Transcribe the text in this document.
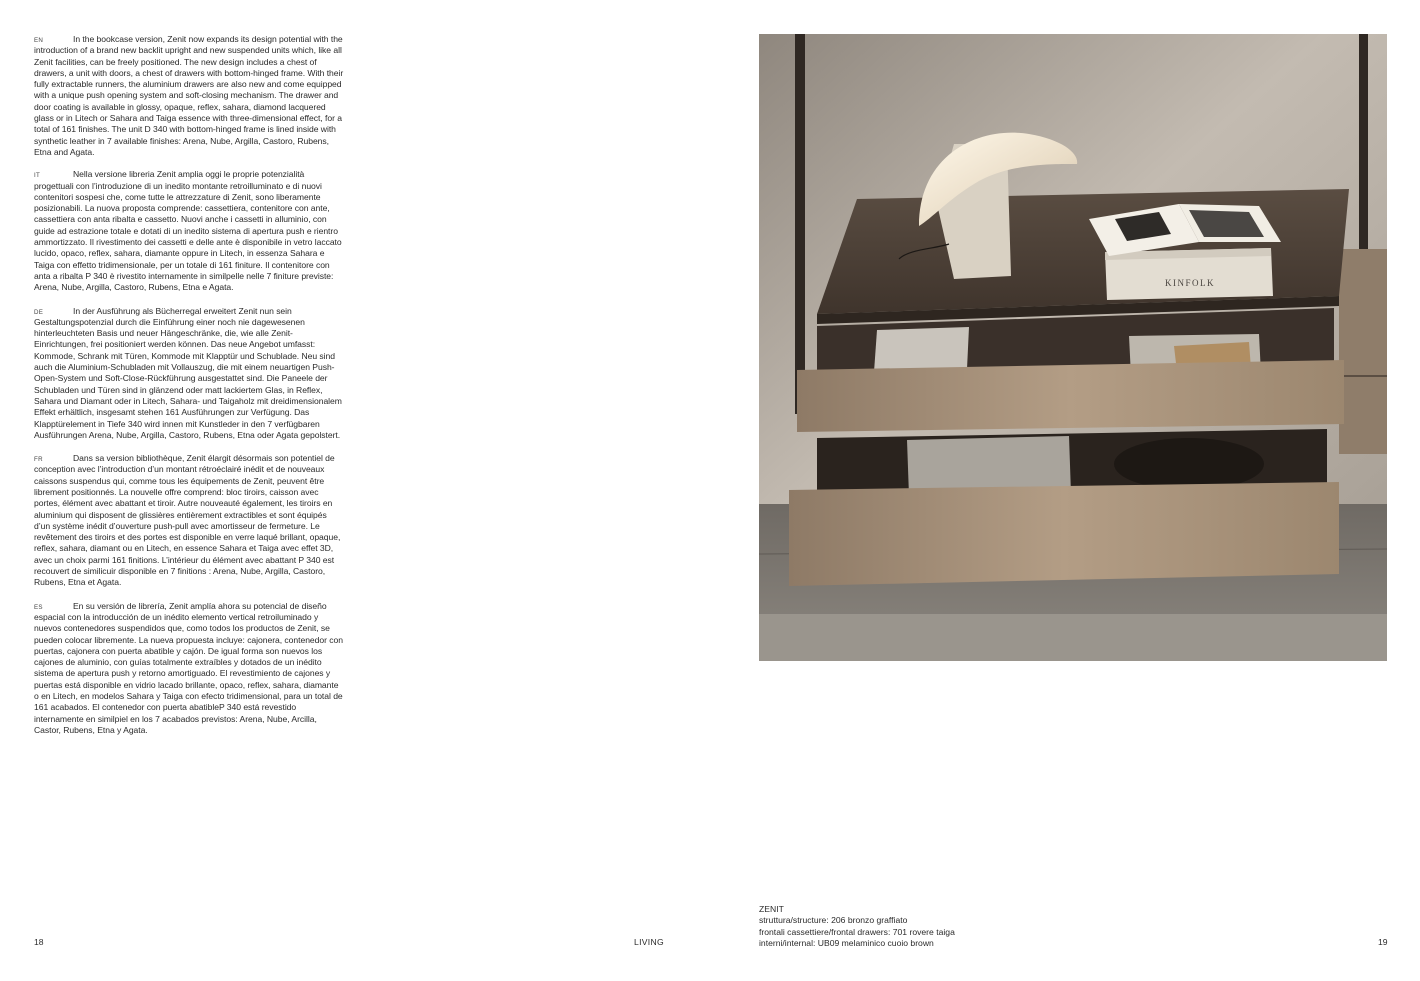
EN	In the bookcase version, Zenit now expands its design potential with the introduction of a brand new backlit upright and new suspended units which, like all Zenit facilities, can be freely positioned. The new design includes a chest of drawers, a unit with doors, a chest of drawers with bottom-hinged frame. With their fully extractable runners, the aluminium drawers are also new and come equipped with a unique push opening system and soft-closing mechanism. The drawer and door coating is available in glossy, opaque, reflex, sahara, diamond lacquered glass or in Litech or Sahara and Taiga essence with three-dimensional effect, for a total of 161 finishes. The unit D 340 with bottom-hinged frame is lined inside with synthetic leather in 7 available finishes: Arena, Nube, Argilla, Castoro, Rubens, Etna and Agata.
IT	Nella versione libreria Zenit amplia oggi le proprie potenzialità progettuali con l’introduzione di un inedito montante retroilluminato e di nuovi contenitori sospesi che, come tutte le attrezzature di Zenit, sono liberamente posizionabili. La nuova proposta comprende: cassettiera, contenitore con ante, cassettiera con anta ribalta e cassetto. Nuovi anche i cassetti in alluminio, con guide ad estrazione totale e dotati di un inedito sistema di apertura push e rientro ammortizzato. Il rivestimento dei cassetti e delle ante è disponibile in vetro laccato lucido, opaco, reflex, sahara, diamante oppure in Litech, in essenza Sahara e Taiga con effetto tridimensionale, per un totale di 161 finiture. Il contenitore con anta a ribalta P 340 è rivestito internamente in similpelle nelle 7 finiture previste: Arena, Nube, Argilla, Castoro, Rubens, Etna e Agata.
DE	In der Ausführung als Bücherregal erweitert Zenit nun sein Gestaltungspotenzial durch die Einführung einer noch nie dagewesenen hinterleuchteten Basis und neuer Hängeschränke, die, wie alle Zenit-Einrichtungen, frei positioniert werden können. Das neue Angebot umfasst: Kommode, Schrank mit Türen, Kommode mit Klapptür und Schublade. Neu sind auch die Aluminium-Schubladen mit Vollauszug, die mit einem neuartigen Push-Open-System und Soft-Close-Rückführung ausgestattet sind. Die Paneele der Schubladen und Türen sind in glänzend oder matt lackiertem Glas, in Reflex, Sahara und Diamant oder in Litech, Sahara- und Taigaholz mit dreidimensionalem Effekt erhältlich, insgesamt stehen 161 Ausführungen zur Verfügung. Das Klapptürelement in Tiefe 340 wird innen mit Kunstleder in den 7 verfügbaren Ausführungen Arena, Nube, Argilla, Castoro, Rubens, Etna oder Agata gepolstert.
FR	Dans sa version bibliothèque, Zenit élargit désormais son potentiel de conception avec l’introduction d’un montant rétroéclairé inédit et de nouveaux caissons suspendus qui, comme tous les équipements de Zenit, peuvent être librement positionnés. La nouvelle offre comprend: bloc tiroirs, caisson avec portes, élément avec abattant et tiroir. Autre nouveauté également, les tiroirs en aluminium qui disposent de glissières entièrement extractibles et sont équipés
d’un système inédit d’ouverture push-pull avec amortisseur de fermeture. Le revêtement des tiroirs et des portes est disponible en verre laqué brillant, opaque, reflex, sahara, diamant ou en Litech, en essence Sahara et Taiga avec effet 3D, avec un choix parmi 161 finitions. L’intérieur du élément avec abattant P 340 est recouvert de similicuir disponible en 7 finitions : Arena, Nube, Argilla, Castoro, Rubens, Etna et Agata.
ES	En su versión de librería, Zenit amplía ahora su potencial de diseño espacial con la introducción de un inédito elemento vertical retroiluminado y nuevos contenedores suspendidos que, como todos los productos de Zenit, se pueden colocar libremente. La nueva propuesta incluye: cajonera, contenedor con puertas, cajonera con puerta abatible y cajón. De igual forma son nuevos los cajones de aluminio, con guías totalmente extraíbles y dotados de un inédito sistema de apertura push y retorno amortiguado. El revestimiento de cajones y puertas está disponible en vidrio lacado brillante, opaco, reflex, sahara, diamante o en Litech, en modelos Sahara y Taiga con efecto tridimensional, para un total de 161 acabados. El contenedor con puerta abatibleP 340 está revestido internamente en similpiel en los 7 acabados previstos: Arena, Nube, Arcilla, Castor, Rubens, Etna y Agata.
KINFOLK
ZENIT
struttura/structure: 206 bronzo graffiato
frontali cassettiere/frontal drawers: 701 rovere taiga
interni/internal: UB09 melaminico cuoio brown
18	LIVING	19
